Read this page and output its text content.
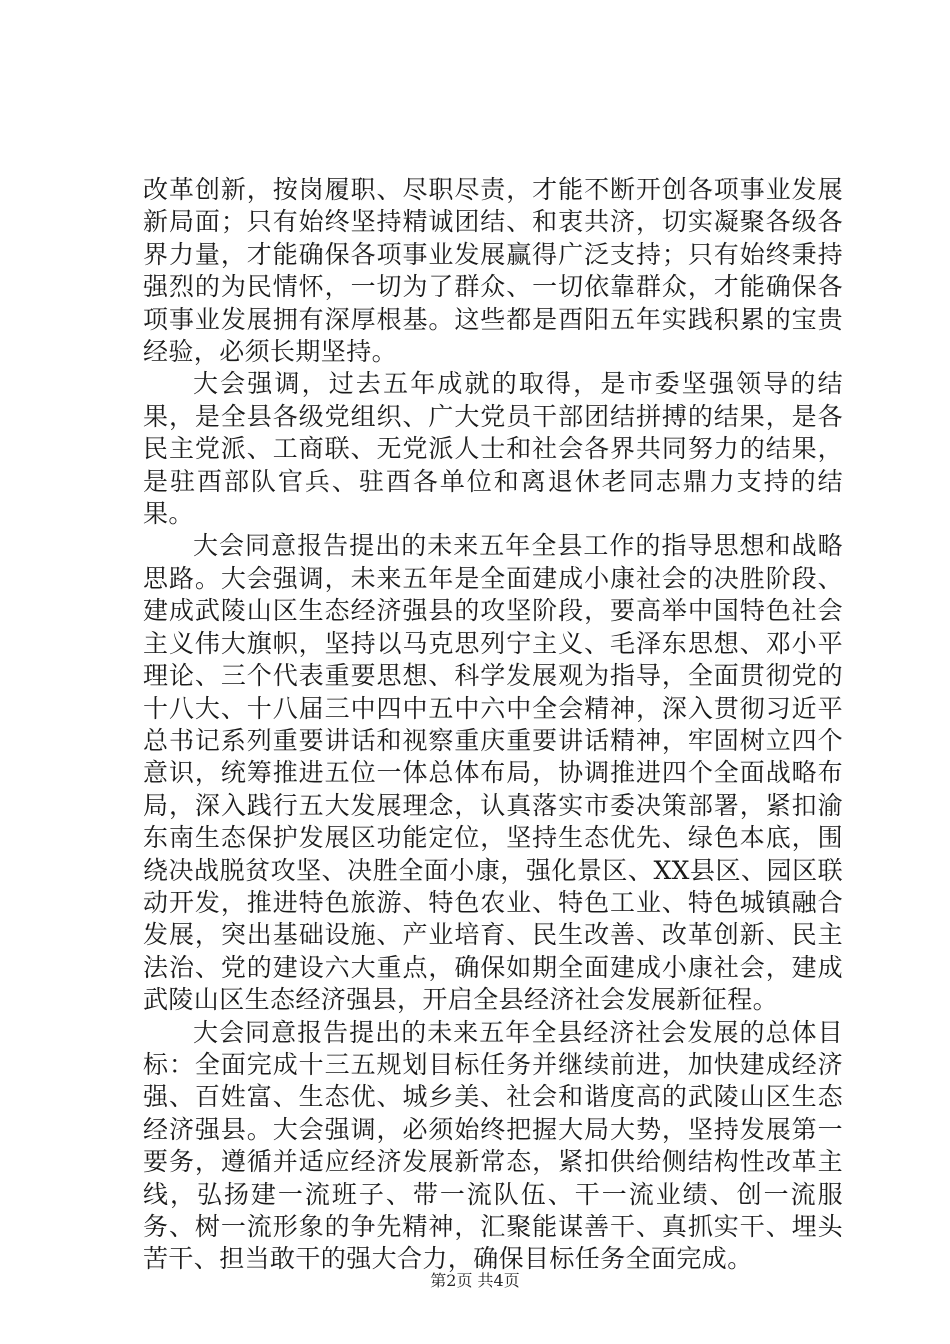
改革创新，按岗履职、尽职尽责，才能不断开创各项事业发展新局面；只有始终坚持精诚团结、和衷共济，切实凝聚各级各界力量，才能确保各项事业发展赢得广泛支持；只有始终秉持强烈的为民情怀，一切为了群众、一切依靠群众，才能确保各项事业发展拥有深厚根基。这些都是酉阳五年实践积累的宝贵经验，必须长期坚持。

大会强调，过去五年成就的取得，是市委坚强领导的结果，是全县各级党组织、广大党员干部团结拼搏的结果，是各民主党派、工商联、无党派人士和社会各界共同努力的结果，是驻酉部队官兵、驻酉各单位和离退休老同志鼎力支持的结果。

大会同意报告提出的未来五年全县工作的指导思想和战略思路。大会强调，未来五年是全面建成小康社会的决胜阶段、建成武陵山区生态经济强县的攻坚阶段，要高举中国特色社会主义伟大旗帜，坚持以马克思列宁主义、毛泽东思想、邓小平理论、三个代表重要思想、科学发展观为指导，全面贯彻党的十八大、十八届三中四中五中六中全会精神，深入贯彻习近平总书记系列重要讲话和视察重庆重要讲话精神，牢固树立四个意识，统筹推进五位一体总体布局，协调推进四个全面战略布局，深入践行五大发展理念，认真落实市委决策部署，紧扣渝东南生态保护发展区功能定位，坚持生态优先、绿色本底，围绕决战脱贫攻坚、决胜全面小康，强化景区、XX县区、园区联动开发，推进特色旅游、特色农业、特色工业、特色城镇融合发展，突出基础设施、产业培育、民生改善、改革创新、民主法治、党的建设六大重点，确保如期全面建成小康社会，建成武陵山区生态经济强县，开启全县经济社会发展新征程。

大会同意报告提出的未来五年全县经济社会发展的总体目标：全面完成十三五规划目标任务并继续前进，加快建成经济强、百姓富、生态优、城乡美、社会和谐度高的武陵山区生态经济强县。大会强调，必须始终把握大局大势，坚持发展第一要务，遵循并适应经济发展新常态，紧扣供给侧结构性改革主线，弘扬建一流班子、带一流队伍、干一流业绩、创一流服务、树一流形象的争先精神，汇聚能谋善干、真抓实干、埋头苦干、担当敢干的强大合力，确保目标任务全面完成。

第2页 共4页
